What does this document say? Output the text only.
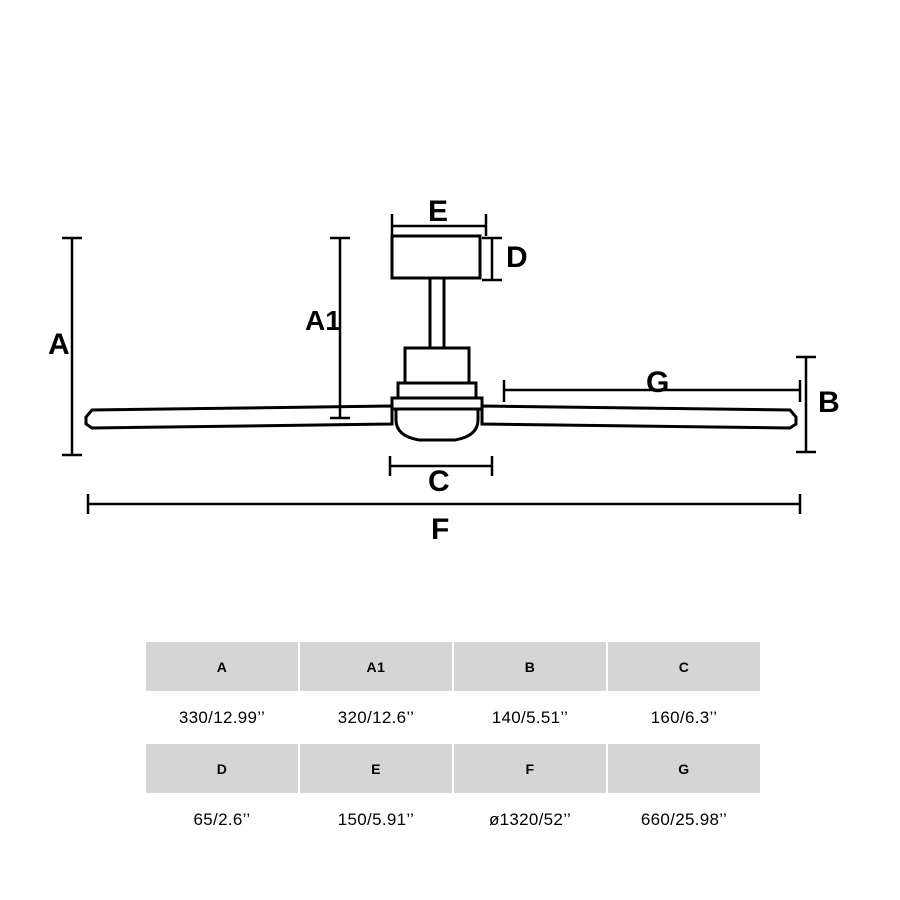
A
A1
B
C
D
E
F
G
A	A1	B	C
330/12.99’’	320/12.6’’	140/5.51’’	160/6.3’’
D	E	F	G
65/2.6’’	150/5.91’’	ø1320/52’’	660/25.98’’
